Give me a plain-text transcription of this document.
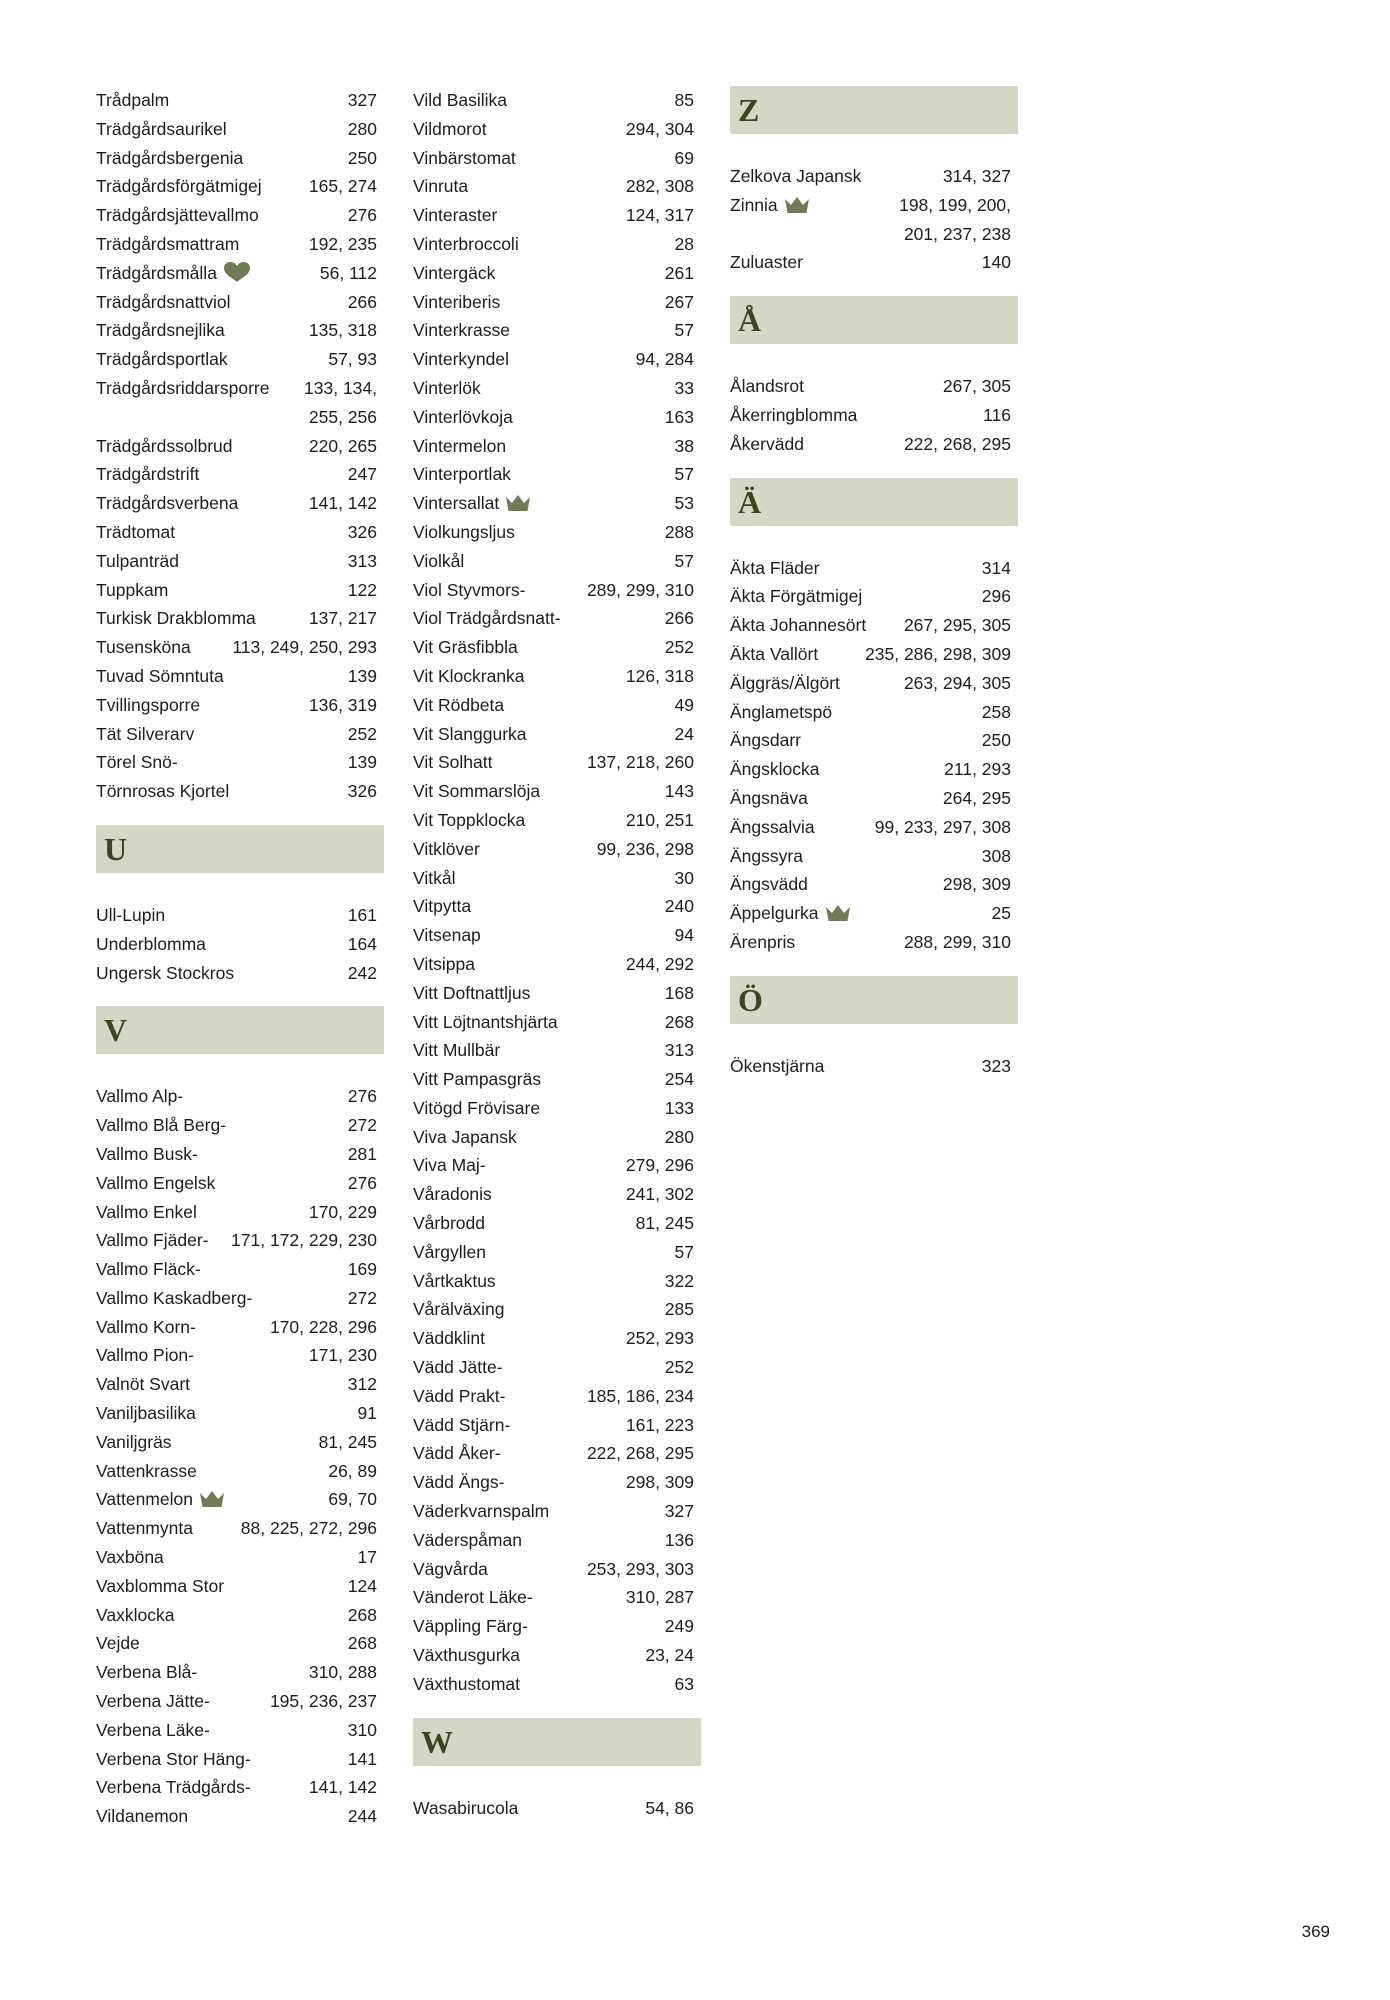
Trådpalm	327
Trädgårdsaurikel	280
Trädgårdsbergenia	250
Trädgårdsförgätmigej	165, 274
Trädgårdsjättevallmo	276
Trädgårdsmattram	192, 235
Trädgårdsmålla	56, 112
Trädgårdsnattviol	266
Trädgårdsnejlika	135, 318
Trädgårdsportlak	57, 93
Trädgårdsriddarsporre 133, 134,
255, 256
Trädgårdssolbrud	220, 265
Trädgårdstrift	247
Trädgårdsverbena	141, 142
Trädtomat	326
Tulpanträd	313
Tuppkam	122
Turkisk Drakblomma	137, 217
Tusensköna 113, 249, 250, 293
Tuvad Sömntuta	139
Tvillingsporre	136, 319
Tät Silverarv	252
Törel Snö-	139
Törnrosas Kjortel	326
U
Ull-Lupin	161
Underblomma	164
Ungersk Stockros	242
V
Vallmo Alp-	276
Vallmo Blå Berg-	272
Vallmo Busk-	281
Vallmo Engelsk	276
Vallmo Enkel	170, 229
Vallmo Fjäder- 171, 172, 229, 230
Vallmo Fläck-	169
Vallmo Kaskadberg-	272
Vallmo Korn-	170, 228, 296
Vallmo Pion-	171, 230
Valnöt Svart	312
Vaniljbasilika	91
Vaniljgräs	81, 245
Vattenkrasse	26, 89
Vattenmelon	69, 70
Vattenmynta	88, 225, 272, 296
Vaxböna	17
Vaxblomma Stor	124
Vaxklocka	268
Vejde	268
Verbena Blå-	310, 288
Verbena Jätte-	195, 236, 237
Verbena Läke-	310
Verbena Stor Häng-	141
Verbena Trädgårds-	141, 142
Vildanemon	244
Vild Basilika	85
Vildmorot	294, 304
Vinbärstomat	69
Vinruta	282, 308
Vinteraster	124, 317
Vinterbroccoli	28
Vintergäck	261
Vinteriberis	267
Vinterkrasse	57
Vinterkyndel	94, 284
Vinterlök	33
Vinterlövkoja	163
Vintermelon	38
Vinterportlak	57
Vintersallat	53
Violkungsljus	288
Violkål	57
Viol Styvmors-	289, 299, 310
Viol Trädgårdsnatt-	266
Vit Gräsfibbla	252
Vit Klockranka	126, 318
Vit Rödbeta	49
Vit Slanggurka	24
Vit Solhatt	137, 218, 260
Vit Sommarslöja	143
Vit Toppklocka	210, 251
Vitklöver	99, 236, 298
Vitkål	30
Vitpytta	240
Vitsenap	94
Vitsippa	244, 292
Vitt Doftnattljus	168
Vitt Löjtnantshjärta	268
Vitt Mullbär	313
Vitt Pampasgräs	254
Vitögd Frövisare	133
Viva Japansk	280
Viva Maj-	279, 296
Våradonis	241, 302
Vårbrodd	81, 245
Vårgyllen	57
Vårtkaktus	322
Vårälväxing	285
Väddklint	252, 293
Vädd Jätte-	252
Vädd Prakt-	185, 186, 234
Vädd Stjärn-	161, 223
Vädd Åker-	222, 268, 295
Vädd Ängs-	298, 309
Väderkvarnspalm	327
Väderspåman	136
Vägvårda	253, 293, 303
Vänderot Läke-	310, 287
Väppling Färg-	249
Växthusgurka	23, 24
Växthustomat	63
W
Wasabirucola	54, 86
Z
Zelkova Japansk	314, 327
Zinnia	198, 199, 200,
201, 237, 238
Zuluaster	140
Å
Ålandsrot	267, 305
Åkerringblomma	116
Åkervädd	222, 268, 295
Ä
Äkta Fläder	314
Äkta Förgätmigej	296
Äkta Johannesört 267, 295, 305
Äkta Vallört	235, 286, 298, 309
Älggräs/Älgört	263, 294, 305
Änglametspö	258
Ängsdarr	250
Ängsklocka	211, 293
Ängsnäva	264, 295
Ängssalvia	99, 233, 297, 308
Ängssyra	308
Ängsvädd	298, 309
Äppelgurka	25
Ärenpris	288, 299, 310
Ö
Ökenstjärna	323
369
